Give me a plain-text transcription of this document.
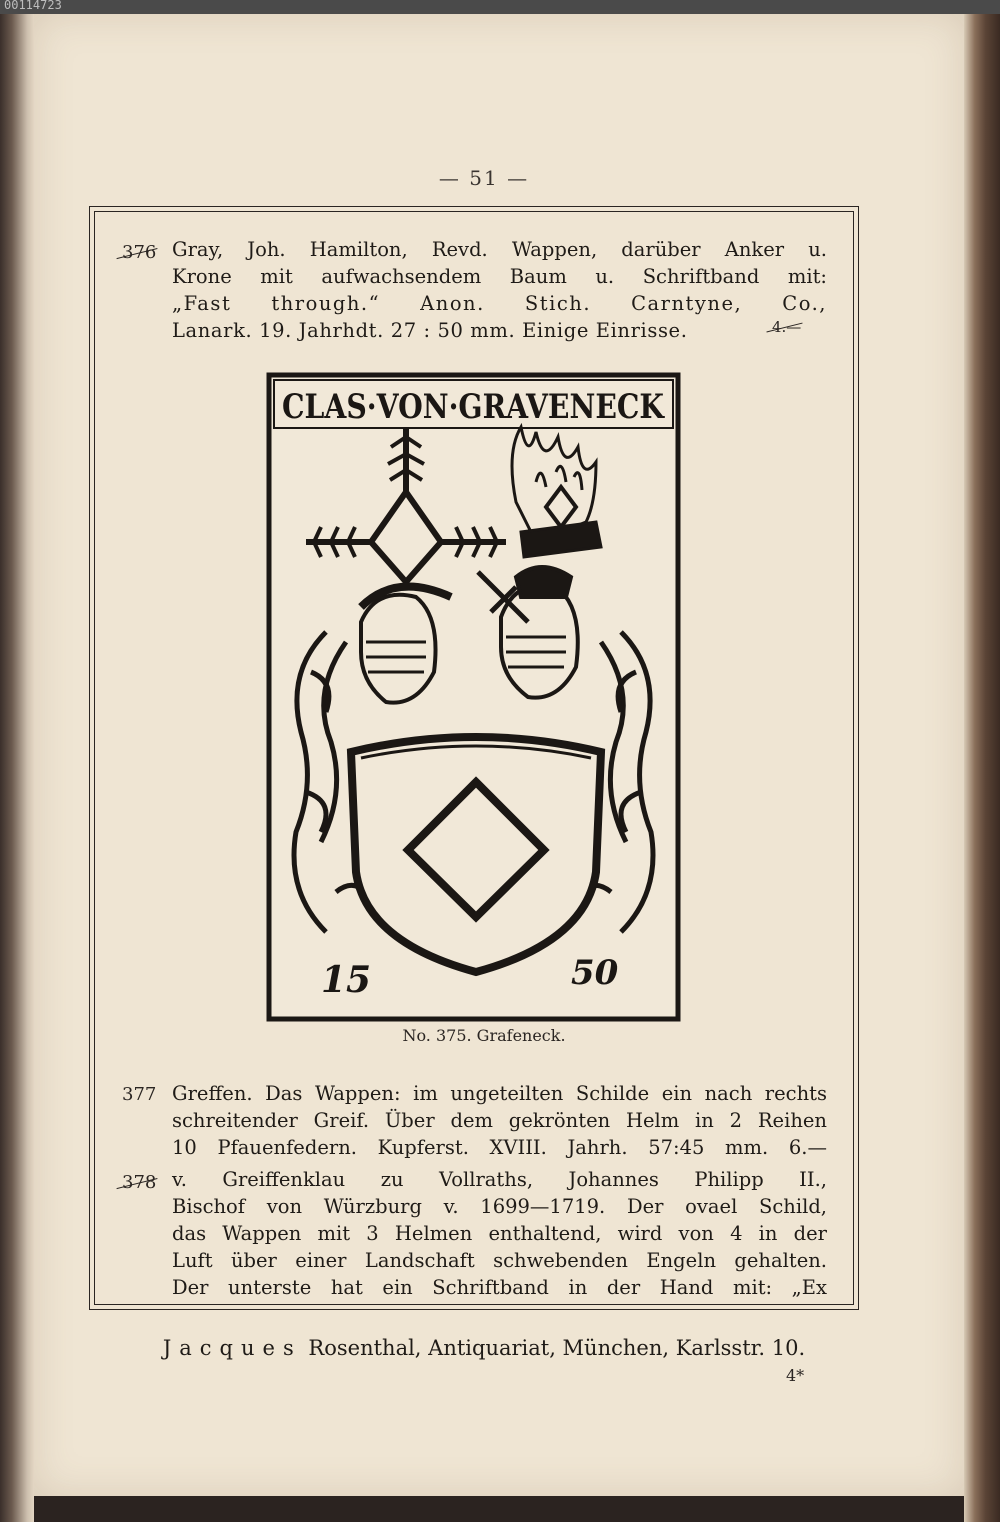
00114723
— 51 —
376 Gray, Joh. Hamilton, Revd. Wappen, darüber Anker u.
Krone mit aufwachsendem Baum u. Schriftband mit:
„Fast through.“ Anon. Stich. Carntyne, Co.,
Lanark. 19. Jahrhdt. 27 : 50 mm. Einige Einrisse.	4.—
CLAS·VON·GRAVENECK
15	50
No. 375. Grafeneck.
377 Greffen. Das Wappen: im ungeteilten Schilde ein nach rechts
schreitender Greif. Über dem gekrönten Helm in 2 Reihen
10 Pfauenfedern. Kupferst. XVIII. Jahrh. 57:45 mm. 6.—
378 v. Greiffenklau zu Vollraths, Johannes Philipp II.,
Bischof von Würzburg v. 1699—1719. Der ovael Schild,
das Wappen mit 3 Helmen enthaltend, wird von 4 in der
Luft über einer Landschaft schwebenden Engeln gehalten.
Der unterste hat ein Schriftband in der Hand mit: „Ex
Jacques Rosenthal, Antiquariat, München, Karlsstr. 10.
4*
